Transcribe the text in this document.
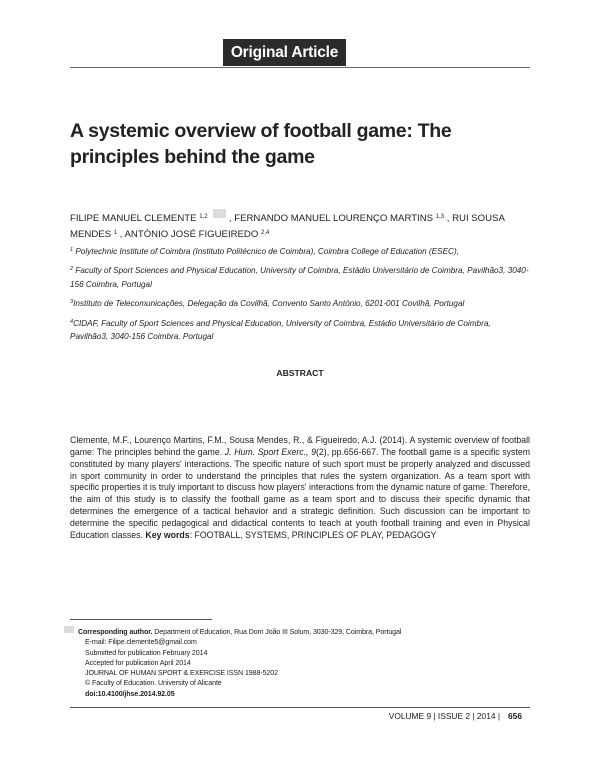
Original Article
A systemic overview of football game: The principles behind the game
FILIPE MANUEL CLEMENTE $^{1,2}$ , FERNANDO MANUEL LOURENÇO MARTINS $^{1,3}$ , RUI SOUSA MENDES $^1$ , ANTÓNIO JOSÉ FIGUEIREDO $^{2,4}$
$^1$ Polytechnic Institute of Coimbra (Instituto Politécnico de Coimbra), Coimbra College of Education (ESEC),
$^2$ Faculty of Sport Sciences and Physical Education, University of Coimbra, Estádio Universitário de Coimbra, Pavilhão3, 3040-156 Coimbra, Portugal
$^3$Instituto de Telecomunicações, Delegação da Covilhã, Convento Santo António, 6201-001 Covilhã, Portugal
$^4$CIDAF, Faculty of Sport Sciences and Physical Education, University of Coimbra, Estádio Universitário de Coimbra, Pavilhão3, 3040-156 Coimbra, Portugal
ABSTRACT

Clemente, M.F., Lourenço Martins, F.M., Sousa Mendes, R., & Figueiredo, A.J. (2014). A systemic overview of football game: The principles behind the game. J. Hum. Sport Exerc., 9(2), pp.656-667. The football game is a specific system constituted by many players' interactions. The specific nature of such sport must be properly analyzed and discussed in sport community in order to understand the principles that rules the system organization. As a team sport with specific properties it is truly important to discuss how players' interactions from the dynamic nature of game. Therefore, the aim of this study is to classify the football game as a team sport and to discuss their specific dynamic that determines the emergence of a tactical behavior and a strategic definition. Such discussion can be important to determine the specific pedagogical and didactical contents to teach at youth football training and even in Physical Education classes. Key words: FOOTBALL, SYSTEMS, PRINCIPLES OF PLAY, PEDAGOGY

Corresponding author. Department of Education, Rua Dom João III Solum, 3030-329, Coimbra, Portugal
E-mail: Filipe.clemente5@gmail.com
Submitted for publication February 2014
Accepted for publication April 2014
JOURNAL OF HUMAN SPORT & EXERCISE ISSN 1988-5202
© Faculty of Education. University of Alicante
doi:10.4100/jhse.2014.92.05
VOLUME 9 | ISSUE 2 | 2014 | 656
